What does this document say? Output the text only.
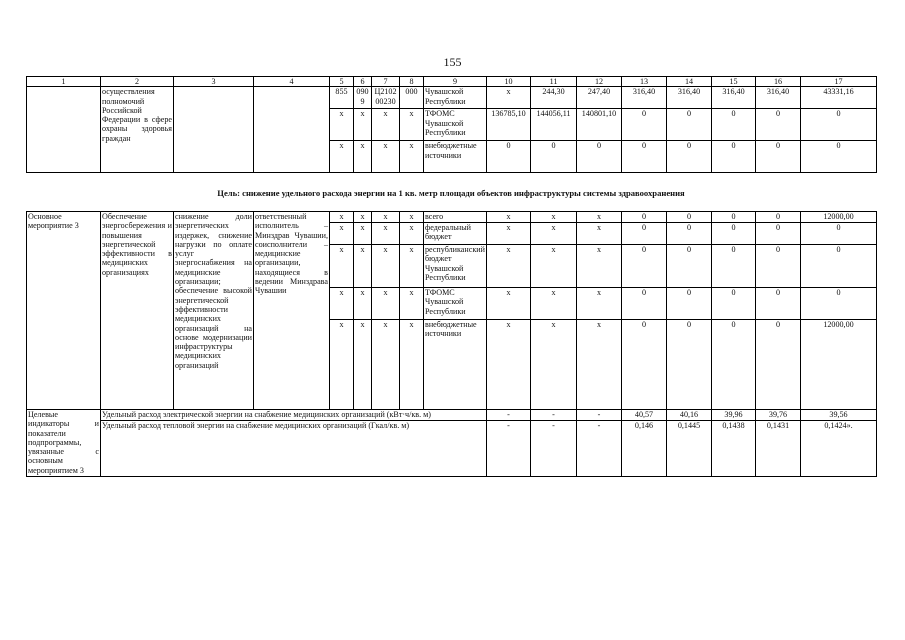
155
1	2	3	4	5	6	7	8	9	10	11	12	13	14	15	16	17
	осуществления полномочий Российской Федерации в сфере охраны здоровья граждан			855	090 9	Ц2102 00230	000	Чувашской Республики	x	244,30	247,40	316,40	316,40	316,40	316,40	43331,16
				x	x	x	x	ТФОМС Чувашской Республики	136785,10	144056,11	140801,10	0	0	0	0	0
				x	x	x	x	внебюджетные источники	0	0	0	0	0	0	0	0
Цель: снижение удельного расхода энергии на 1 кв. метр площади объектов инфраструктуры системы здравоохранения
Основное мероприятие 3	Обеспечение энергосбережения и повышения энергетической эффективности в медицинских организациях	снижение доли энергетических издержек, снижение нагрузки по оплате услуг энергоснабжения на медицинские организации; обеспечение высокой энергетической эффективности медицинских организаций на основе модернизации инфраструктуры медицинских организаций	ответственный исполнитель – Минздрав Чувашии, соисполнители – медицинские организации, находящиеся в ведении Минздрава Чувашии	x	x	x	x	всего	x	x	x	0	0	0	0	12000,00
				x	x	x	x	федеральный бюджет	x	x	x	0	0	0	0	0
				x	x	x	x	республиканский бюджет Чувашской Республики	x	x	x	0	0	0	0	0
				x	x	x	x	ТФОМС Чувашской Республики	x	x	x	0	0	0	0	0
				x	x	x	x	внебюджетные источники	x	x	x	0	0	0	0	12000,00
Целевые индикаторы и показатели подпрограммы, увязанные с основным мероприятием 3	Удельный расход электрической энергии на снабжение медицинских организаций (кВт·ч/кв. м)								-	-	-	40,57	40,16	39,96	39,76	39,56
	Удельный расход тепловой энергии на снабжение медицинских организаций (Гкал/кв. м)								-	-	-	0,146	0,1445	0,1438	0,1431	0,1424».
